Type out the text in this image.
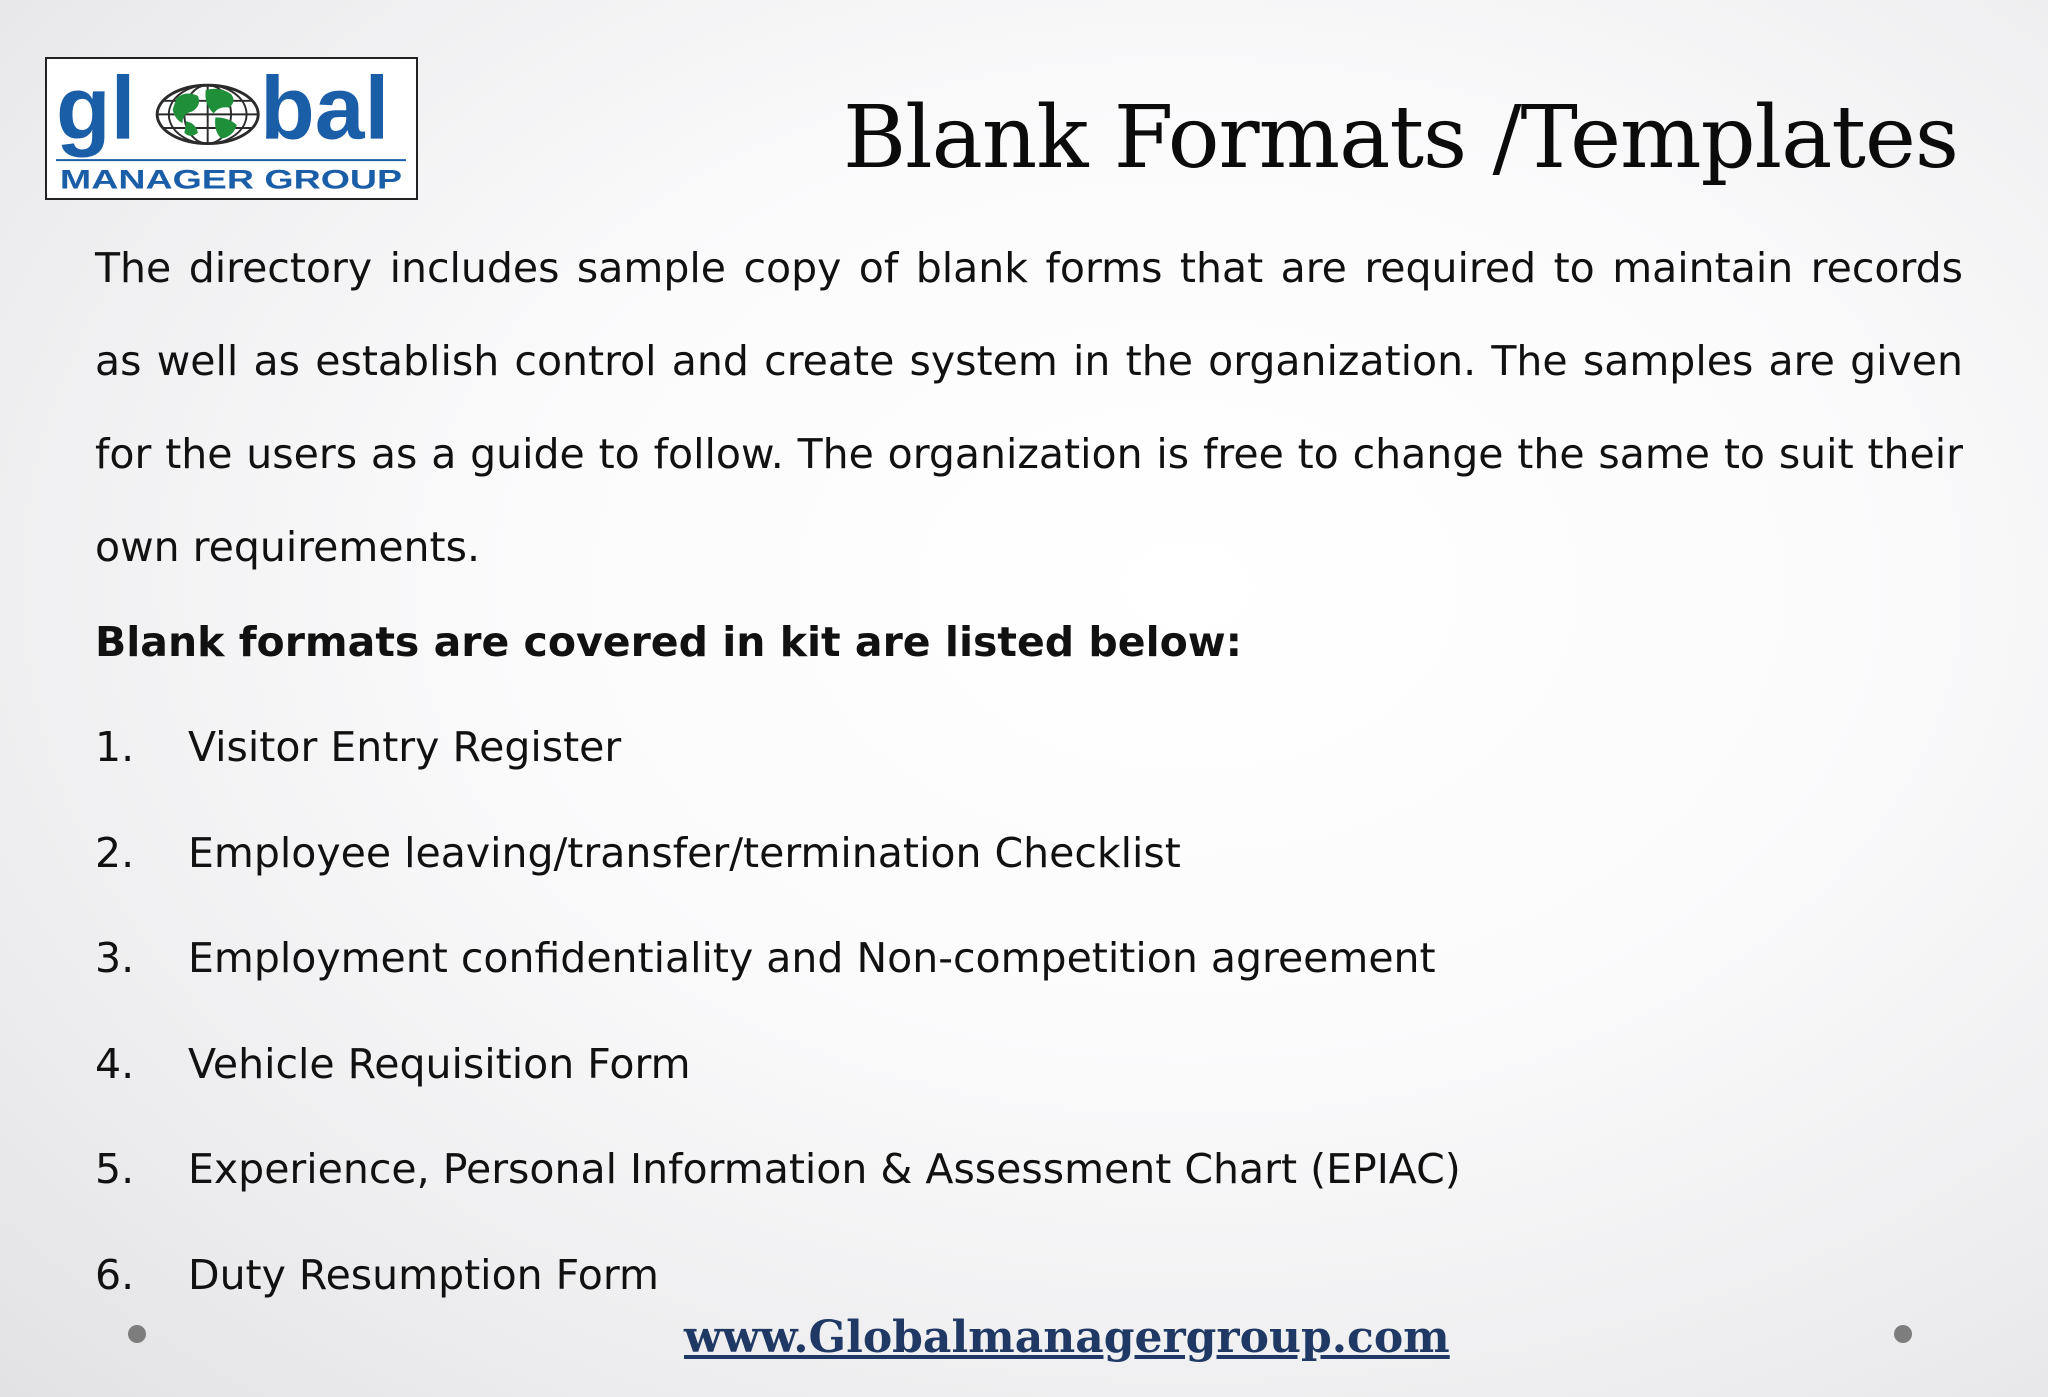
gl bal
MANAGER GROUP	Blank Formats /Templates

The directory includes sample copy of blank forms that are required to maintain records as well as establish control and create system in the organization. The samples are given for the users as a guide to follow. The organization is free to change the same to suit their own requirements.

Blank formats are covered in kit are listed below:

1.	Visitor Entry Register
2.	Employee leaving/transfer/termination Checklist
3.	Employment confidentiality and Non-competition agreement
4.	Vehicle Requisition Form
5.	Experience, Personal Information & Assessment Chart (EPIAC)
6.	Duty Resumption Form
www.Globalmanagergroup.com
